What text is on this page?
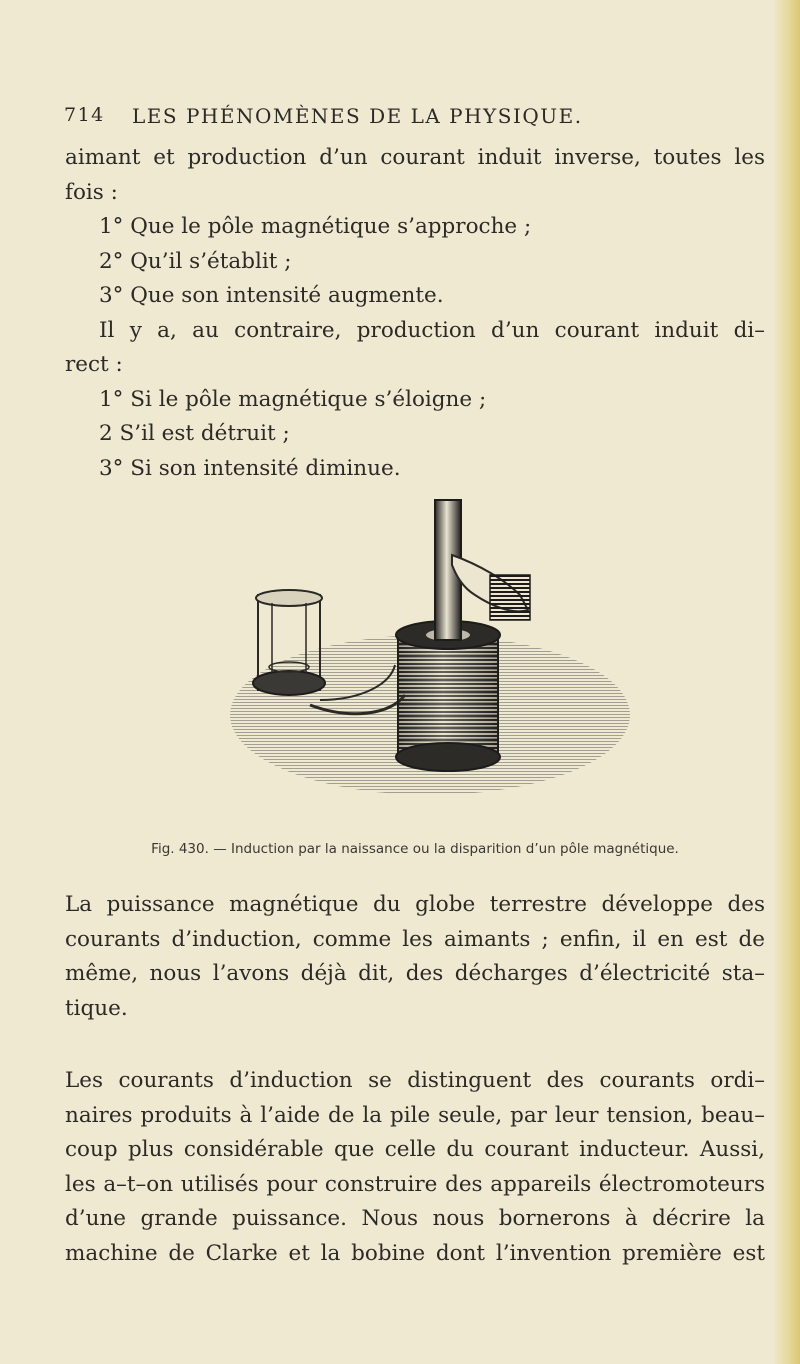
714 LES PHÉNOMÈNES DE LA PHYSIQUE.
aimant et production d’un courant induit inverse, toutes les
fois :
1° Que le pôle magnétique s’approche ;
2° Qu’il s’établit ;
3° Que son intensité augmente.
Il y a, au contraire, production d’un courant induit di–
rect :
1° Si le pôle magnétique s’éloigne ;
2 S’il est détruit ;
3° Si son intensité diminue.
Fig. 430. — Induction par la naissance ou la disparition d’un pôle magnétique.
La puissance magnétique du globe terrestre développe des
courants d’induction, comme les aimants ; enfin, il en est de
même, nous l’avons déjà dit, des décharges d’électricité sta–
tique.
Les courants d’induction se distinguent des courants ordi–
naires produits à l’aide de la pile seule, par leur tension, beau–
coup plus considérable que celle du courant inducteur. Aussi,
les a–t–on utilisés pour construire des appareils électromoteurs
d’une grande puissance. Nous nous bornerons à décrire la
machine de Clarke et la bobine dont l’invention première est
